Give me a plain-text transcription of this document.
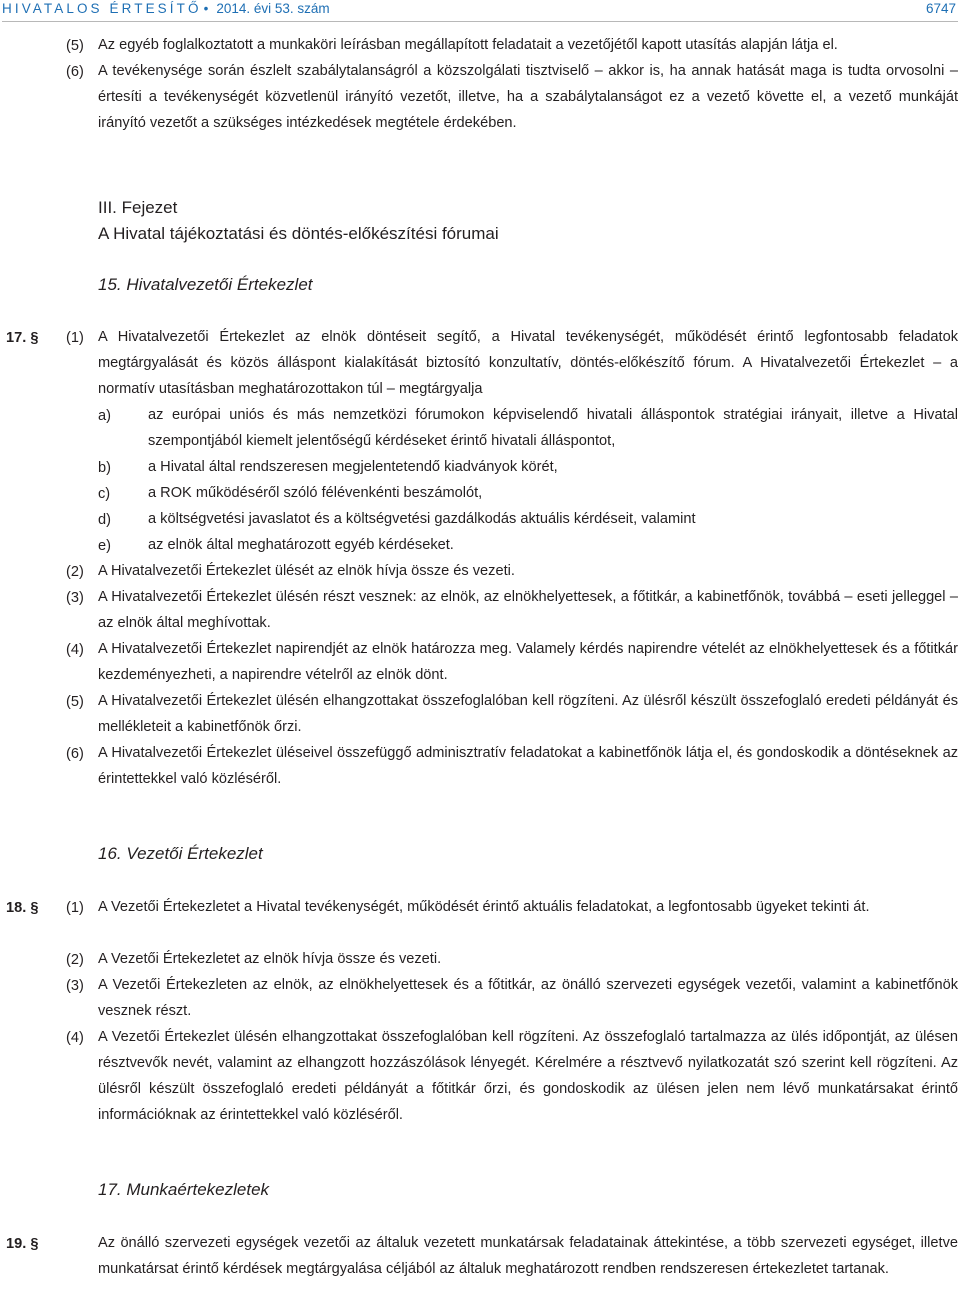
HIVATALOS ÉRTESÍTŐ • 2014. évi 53. szám	6747
(5) Az egyéb foglalkoztatott a munkaköri leírásban megállapított feladatait a vezetőjétől kapott utasítás alapján látja el.
(6) A tevékenysége során észlelt szabálytalanságról a közszolgálati tisztviselő – akkor is, ha annak hatását maga is tudta orvosolni – értesíti a tevékenységét közvetlenül irányító vezetőt, illetve, ha a szabálytalanságot ez a vezető követte el, a vezető munkáját irányító vezetőt a szükséges intézkedések megtétele érdekében.
III. Fejezet
A Hivatal tájékoztatási és döntés-előkészítési fórumai
15. Hivatalvezetői Értekezlet
17. § (1) A Hivatalvezetői Értekezlet az elnök döntéseit segítő, a Hivatal tevékenységét, működését érintő legfontosabb feladatok megtárgyalását és közös álláspont kialakítását biztosító konzultatív, döntés-előkészítő fórum. A Hivatalvezetői Értekezlet – a normatív utasításban meghatározottakon túl – megtárgyalja
a)	az európai uniós és más nemzetközi fórumokon képviselendő hivatali álláspontok stratégiai irányait, illetve a Hivatal szempontjából kiemelt jelentőségű kérdéseket érintő hivatali álláspontot,
b)	a Hivatal által rendszeresen megjelentetendő kiadványok körét,
c)	a ROK működéséről szóló félévenkénti beszámolót,
d)	a költségvetési javaslatot és a költségvetési gazdálkodás aktuális kérdéseit, valamint
e)	az elnök által meghatározott egyéb kérdéseket.
(2) A Hivatalvezetői Értekezlet ülését az elnök hívja össze és vezeti.
(3) A Hivatalvezetői Értekezlet ülésén részt vesznek: az elnök, az elnökhelyettesek, a főtitkár, a kabinetfőnök, továbbá – eseti jelleggel – az elnök által meghívottak.
(4) A Hivatalvezetői Értekezlet napirendjét az elnök határozza meg. Valamely kérdés napirendre vételét az elnökhelyettesek és a főtitkár kezdeményezheti, a napirendre vételről az elnök dönt.
(5) A Hivatalvezetői Értekezlet ülésén elhangzottakat összefoglalóban kell rögzíteni. Az ülésről készült összefoglaló eredeti példányát és mellékleteit a kabinetfőnök őrzi.
(6) A Hivatalvezetői Értekezlet üléseivel összefüggő adminisztratív feladatokat a kabinetfőnök látja el, és gondoskodik a döntéseknek az érintettekkel való közléséről.
16. Vezetői Értekezlet
18. § (1) A Vezetői Értekezletet a Hivatal tevékenységét, működését érintő aktuális feladatokat, a legfontosabb ügyeket tekinti át.
(2) A Vezetői Értekezletet az elnök hívja össze és vezeti.
(3) A Vezetői Értekezleten az elnök, az elnökhelyettesek és a főtitkár, az önálló szervezeti egységek vezetői, valamint a kabinetfőnök vesznek részt.
(4) A Vezetői Értekezlet ülésén elhangzottakat összefoglalóban kell rögzíteni. Az összefoglaló tartalmazza az ülés időpontját, az ülésen résztvevők nevét, valamint az elhangzott hozzászólások lényegét. Kérelmére a résztvevő nyilatkozatát szó szerint kell rögzíteni. Az ülésről készült összefoglaló eredeti példányát a főtitkár őrzi, és gondoskodik az ülésen jelen nem lévő munkatársakat érintő információknak az érintettekkel való közléséről.
17. Munkaértekezletek
19. §	Az önálló szervezeti egységek vezetői az általuk vezetett munkatársak feladatainak áttekintése, a több szervezeti egységet, illetve munkatársat érintő kérdések megtárgyalása céljából az általuk meghatározott rendben rendszeresen értekezletet tartanak.
